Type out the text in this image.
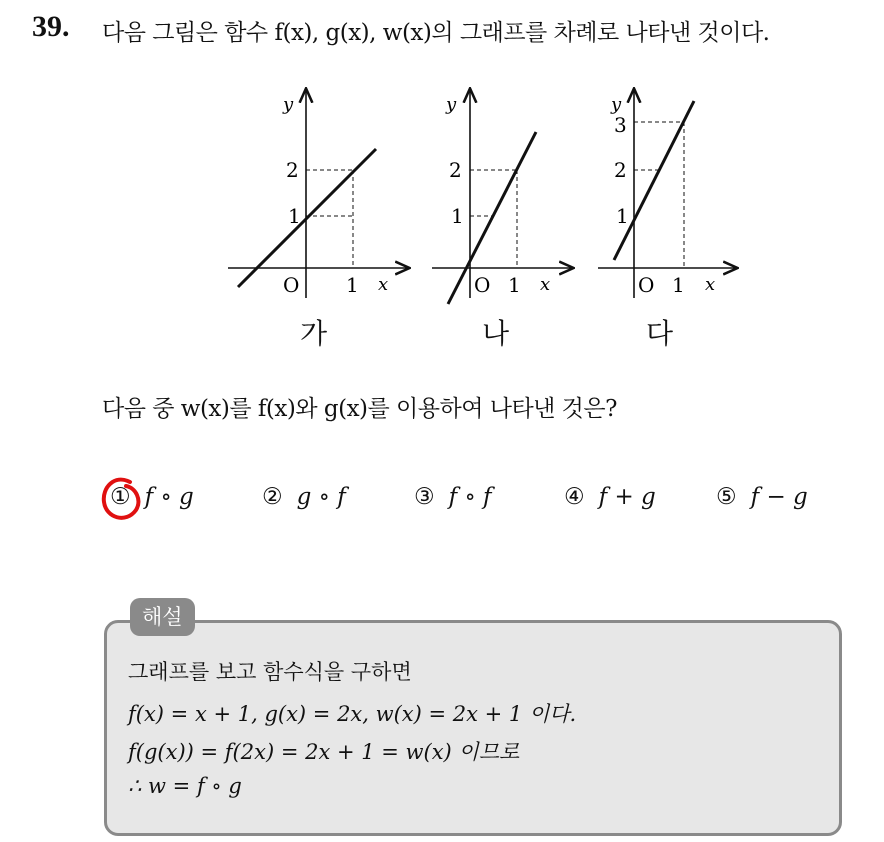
39. 다음 그림은 함수 f(x), g(x), w(x)의 그래프를 차례로 나타낸 것이다.
y
x
O
2
1
1
y
x
O
2
1
1
y
x
O
3
2
1
1
가	나	다
다음 중 w(x)를 f(x)와 g(x)를 이용하여 나타낸 것은?
① f ∘ g	② g ∘ f	③ f ∘ f	④ f + g	⑤ f − g
해설
그래프를 보고 함수식을 구하면
f(x) = x + 1, g(x) = 2x, w(x) = 2x + 1 이다.
f(g(x)) = f(2x) = 2x + 1 = w(x) 이므로
∴ w = f ∘ g
